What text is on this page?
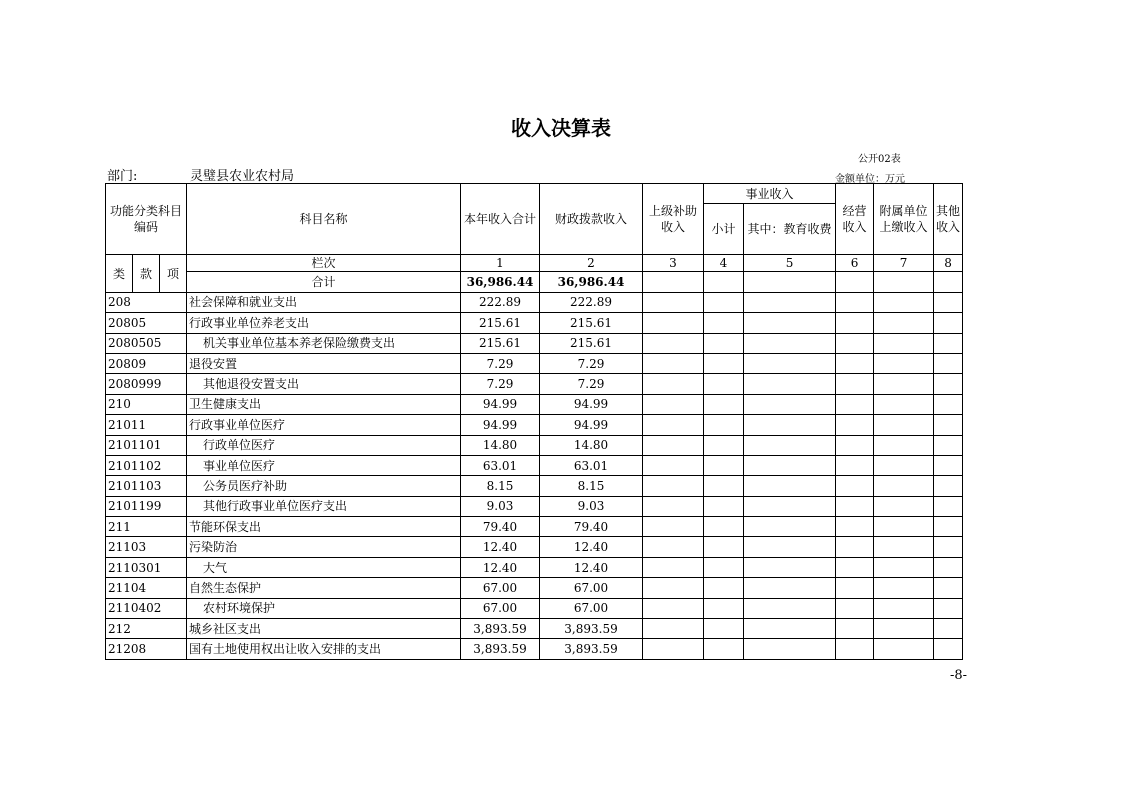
收入决算表
公开02表
部门:	灵璧县农业农村局	金额单位：万元
功能分类科目编码			科目名称	本年收入合计	财政拨款收入	上级补助收入	事业收入		经营收入	附属单位上缴收入	其他收入
							小计	其中：教育收费			

类	款	项	栏次	1	2	3	4	5	6	7	8
			合计	36,986.44	36,986.44						
208			社会保障和就业支出	222.89	222.89						
20805			行政事业单位养老支出	215.61	215.61						
2080505			机关事业单位基本养老保险缴费支出	215.61	215.61						
20809			退役安置	7.29	7.29						
2080999			其他退役安置支出	7.29	7.29						
210			卫生健康支出	94.99	94.99						
21011			行政事业单位医疗	94.99	94.99						
2101101			行政单位医疗	14.80	14.80						
2101102			事业单位医疗	63.01	63.01						
2101103			公务员医疗补助	8.15	8.15						
2101199			其他行政事业单位医疗支出	9.03	9.03						
211			节能环保支出	79.40	79.40						
21103			污染防治	12.40	12.40						
2110301			大气	12.40	12.40						
21104			自然生态保护	67.00	67.00						
2110402			农村环境保护	67.00	67.00						
212			城乡社区支出	3,893.59	3,893.59						
21208			国有土地使用权出让收入安排的支出	3,893.59	3,893.59						
-8-
